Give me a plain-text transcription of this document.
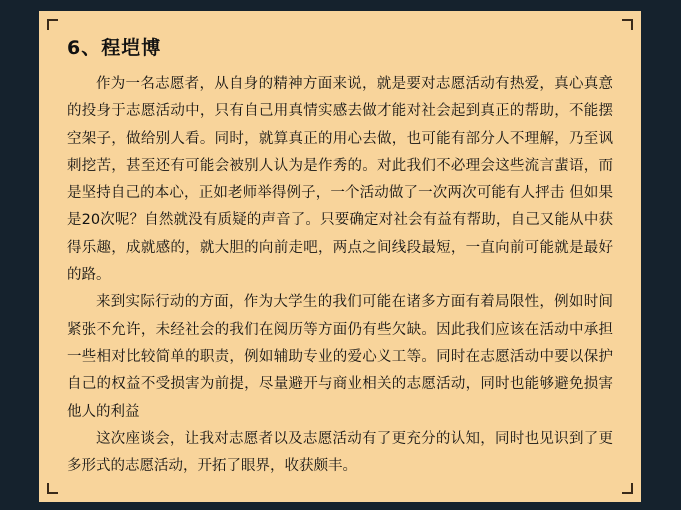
6、程垲博

作为一名志愿者，从自身的精神方面来说，就是要对志愿活动有热爱，真心真意的投身于志愿活动中，只有自己用真情实感去做才能对社会起到真正的帮助，不能摆空架子，做给别人看。同时，就算真正的用心去做，也可能有部分人不理解，乃至讽刺挖苦，甚至还有可能会被别人认为是作秀的。对此我们不必理会这些流言蜚语，而是坚持自己的本心，正如老师举得例子，一个活动做了一次两次可能有人抨击 但如果是20次呢？自然就没有质疑的声音了。只要确定对社会有益有帮助，自己又能从中获得乐趣，成就感的，就大胆的向前走吧，两点之间线段最短，一直向前可能就是最好的路。

来到实际行动的方面，作为大学生的我们可能在诸多方面有着局限性，例如时间紧张不允许，未经社会的我们在阅历等方面仍有些欠缺。因此我们应该在活动中承担一些相对比较简单的职责，例如辅助专业的爱心义工等。同时在志愿活动中要以保护自己的权益不受损害为前提，尽量避开与商业相关的志愿活动，同时也能够避免损害他人的利益

这次座谈会，让我对志愿者以及志愿活动有了更充分的认知，同时也见识到了更多形式的志愿活动，开拓了眼界，收获颇丰。
